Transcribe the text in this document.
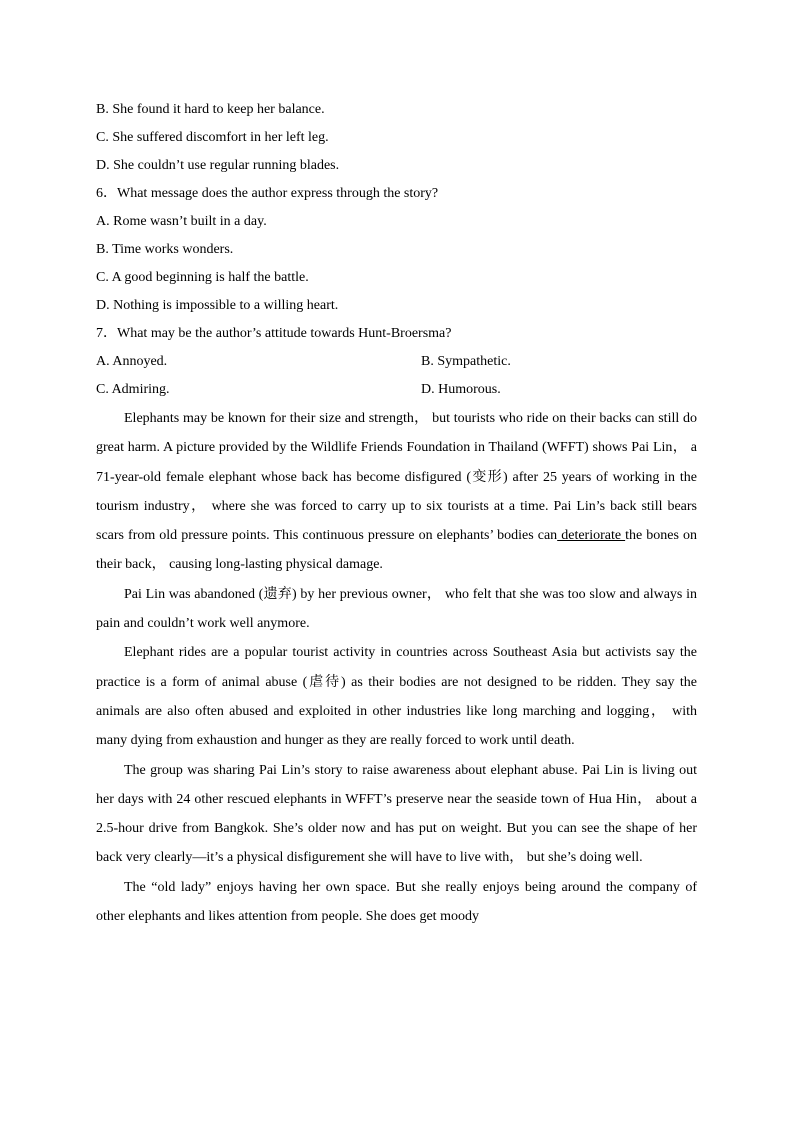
B. She found it hard to keep her balance.
C. She suffered discomfort in her left leg.
D. She couldn’t use regular running blades.
6．What message does the author express through the story?
A. Rome wasn’t built in a day.
B. Time works wonders.
C. A good beginning is half the battle.
D. Nothing is impossible to a willing heart.
7．What may be the author’s attitude towards Hunt-Broersma?
A. Annoyed.	B. Sympathetic.
C. Admiring.	D. Humorous.

Elephants may be known for their size and strength， but tourists who ride on their backs can still do great harm. A picture provided by the Wildlife Friends Foundation in Thailand (WFFT) shows Pai Lin， a 71-year-old female elephant whose back has become disfigured (变形) after 25 years of working in the tourism industry， where she was forced to carry up to six tourists at a time. Pai Lin’s back still bears scars from old pressure points. This continuous pressure on elephants’ bodies can deteriorate the bones on their back， causing long-lasting physical damage.

Pai Lin was abandoned (遗弃) by her previous owner， who felt that she was too slow and always in pain and couldn’t work well anymore.

Elephant rides are a popular tourist activity in countries across Southeast Asia but activists say the practice is a form of animal abuse (虐待) as their bodies are not designed to be ridden. They say the animals are also often abused and exploited in other industries like long marching and logging， with many dying from exhaustion and hunger as they are really forced to work until death.

The group was sharing Pai Lin’s story to raise awareness about elephant abuse. Pai Lin is living out her days with 24 other rescued elephants in WFFT’s preserve near the seaside town of Hua Hin， about a 2.5-hour drive from Bangkok. She’s older now and has put on weight. But you can see the shape of her back very clearly—it’s a physical disfigurement she will have to live with， but she’s doing well.

The “old lady” enjoys having her own space. But she really enjoys being around the company of other elephants and likes attention from people. She does get moody
